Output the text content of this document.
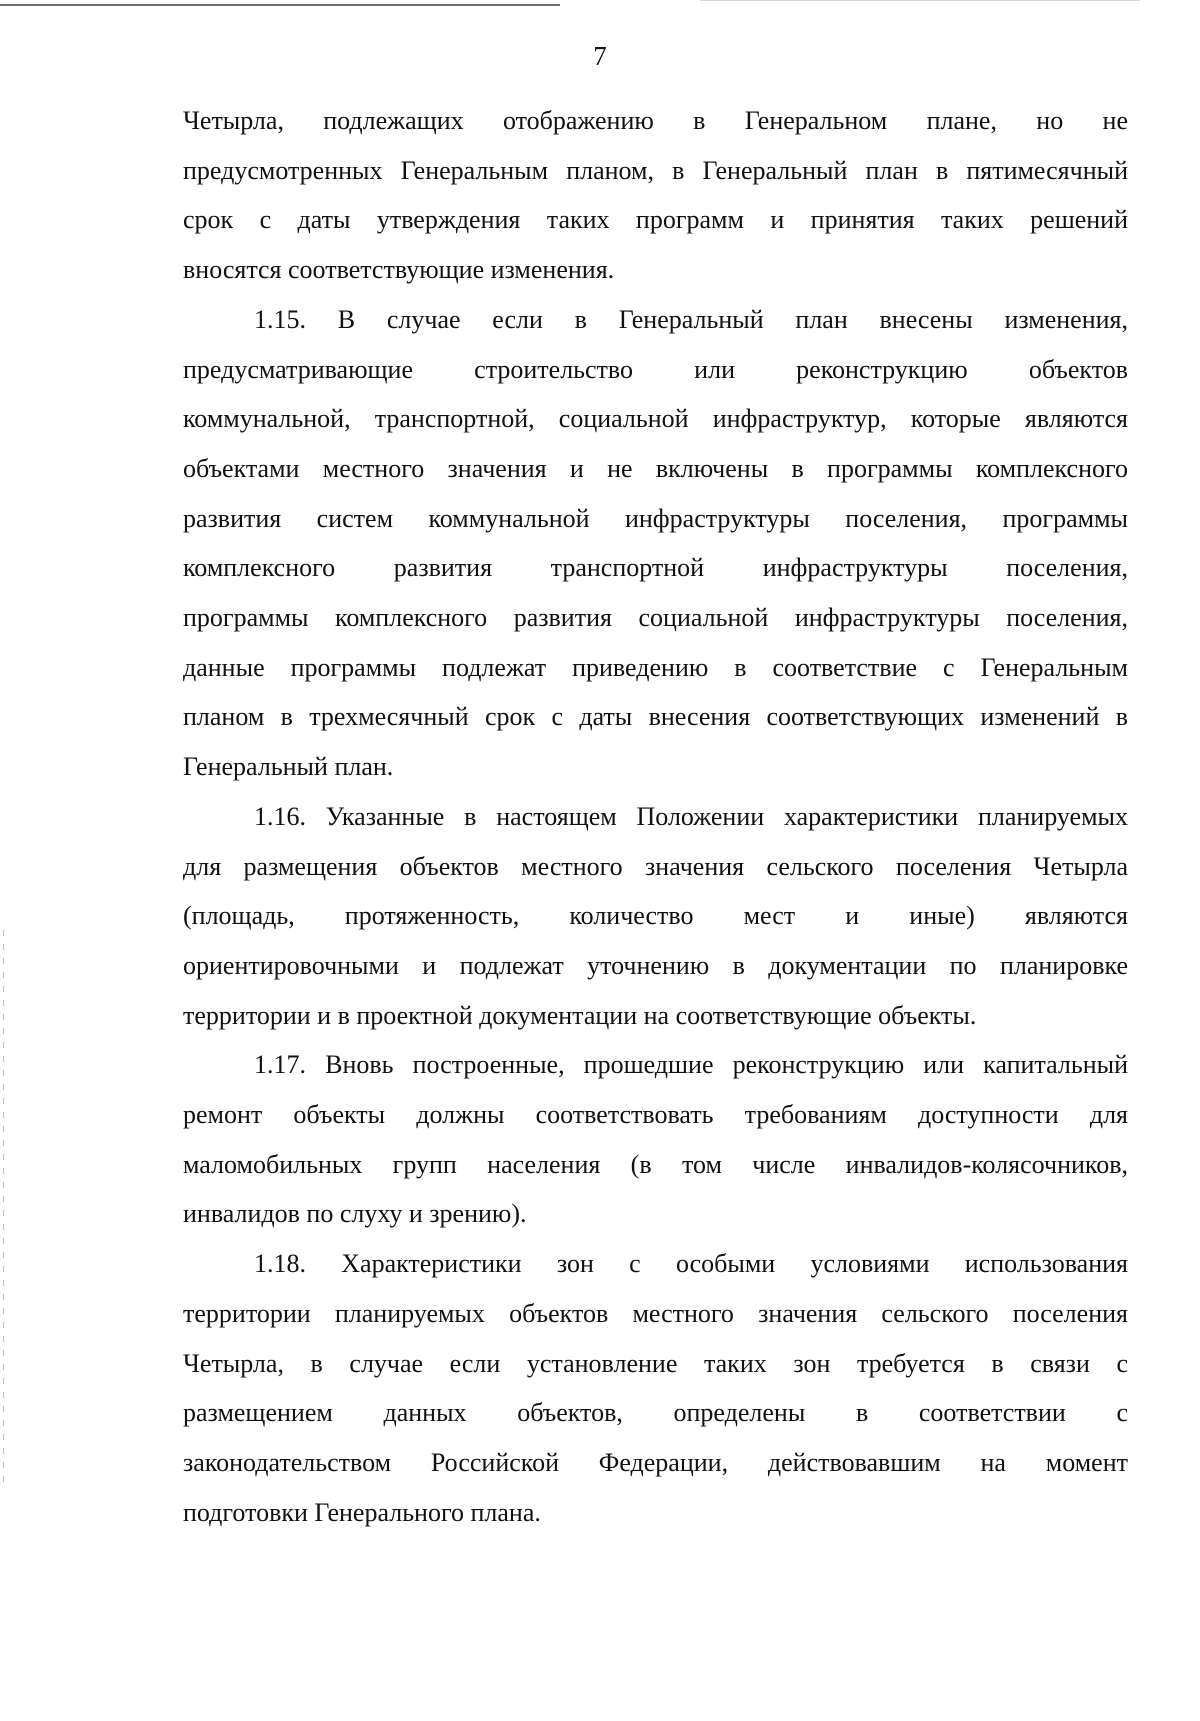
7
Четырла, подлежащих отображению в Генеральном плане, но не
предусмотренных Генеральным планом, в Генеральный план в пятимесячный
срок с даты утверждения таких программ и принятия таких решений
вносятся соответствующие изменения.
1.15. В случае если в Генеральный план внесены изменения,
предусматривающие строительство или реконструкцию объектов
коммунальной, транспортной, социальной инфраструктур, которые являются
объектами местного значения и не включены в программы комплексного
развития систем коммунальной инфраструктуры поселения, программы
комплексного развития транспортной инфраструктуры поселения,
программы комплексного развития социальной инфраструктуры поселения,
данные программы подлежат приведению в соответствие с Генеральным
планом в трехмесячный срок с даты внесения соответствующих изменений в
Генеральный план.
1.16. Указанные в настоящем Положении характеристики планируемых
для размещения объектов местного значения сельского поселения Четырла
(площадь, протяженность, количество мест и иные) являются
ориентировочными и подлежат уточнению в документации по планировке
территории и в проектной документации на соответствующие объекты.
1.17. Вновь построенные, прошедшие реконструкцию или капитальный
ремонт объекты должны соответствовать требованиям доступности для
маломобильных групп населения (в том числе инвалидов-колясочников,
инвалидов по слуху и зрению).
1.18. Характеристики зон с особыми условиями использования
территории планируемых объектов местного значения сельского поселения
Четырла, в случае если установление таких зон требуется в связи с
размещением данных объектов, определены в соответствии с
законодательством Российской Федерации, действовавшим на момент
подготовки Генерального плана.
